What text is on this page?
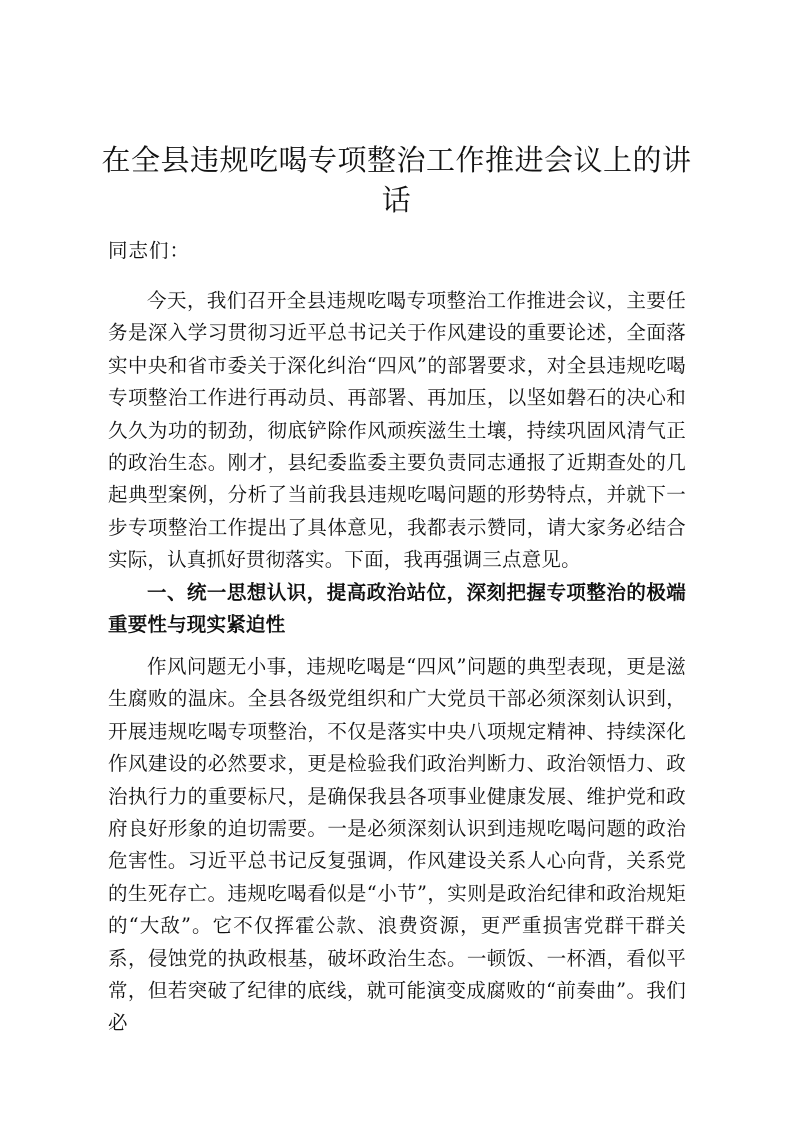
在全县违规吃喝专项整治工作推进会议上的讲话

同志们：

今天，我们召开全县违规吃喝专项整治工作推进会议，主要任务是深入学习贯彻习近平总书记关于作风建设的重要论述，全面落实中央和省市委关于深化纠治“四风”的部署要求，对全县违规吃喝专项整治工作进行再动员、再部署、再加压，以坚如磐石的决心和久久为功的韧劲，彻底铲除作风顽疾滋生土壤，持续巩固风清气正的政治生态。刚才，县纪委监委主要负责同志通报了近期查处的几起典型案例，分析了当前我县违规吃喝问题的形势特点，并就下一步专项整治工作提出了具体意见，我都表示赞同，请大家务必结合实际，认真抓好贯彻落实。下面，我再强调三点意见。

一、统一思想认识，提高政治站位，深刻把握专项整治的极端重要性与现实紧迫性

作风问题无小事，违规吃喝是“四风”问题的典型表现，更是滋生腐败的温床。全县各级党组织和广大党员干部必须深刻认识到，开展违规吃喝专项整治，不仅是落实中央八项规定精神、持续深化作风建设的必然要求，更是检验我们政治判断力、政治领悟力、政治执行力的重要标尺，是确保我县各项事业健康发展、维护党和政府良好形象的迫切需要。一是必须深刻认识到违规吃喝问题的政治危害性。习近平总书记反复强调，作风建设关系人心向背，关系党的生死存亡。违规吃喝看似是“小节”，实则是政治纪律和政治规矩的“大敌”。它不仅挥霍公款、浪费资源，更严重损害党群干群关系，侵蚀党的执政根基，破坏政治生态。一顿饭、一杯酒，看似平常，但若突破了纪律的底线，就可能演变成腐败的“前奏曲”。我们必
